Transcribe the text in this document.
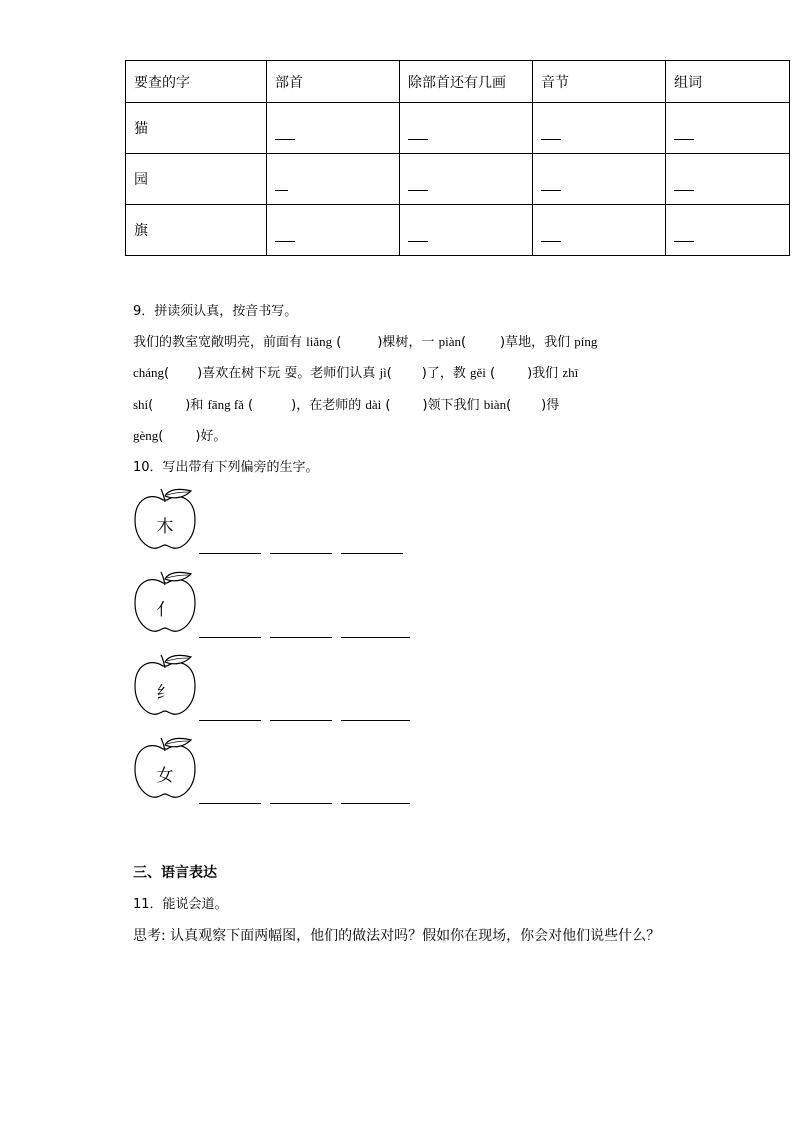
要查的字	部首	除部首还有几画	音节	组词
猫				
园				
旗				
9．拼读须认真，按音书写。
我们的教室宽敞明亮，前面有 liǎng (	)棵树，一 piàn(	)草地，我们 píng
cháng( )喜欢在树下玩 耍。老师们认真 jì( )了，教 gěi ( )我们 zhī
shí( )和 fāng fǎ (	)，在老师的 dài ( )领下我们 biàn( )得
gèng( )好。
10．写出带有下列偏旁的生字。
木
亻
纟
女
三、语言表达
11．能说会道。
思考: 认真观察下面两幅图，他们的做法对吗？假如你在现场，你会对他们说些什么？
